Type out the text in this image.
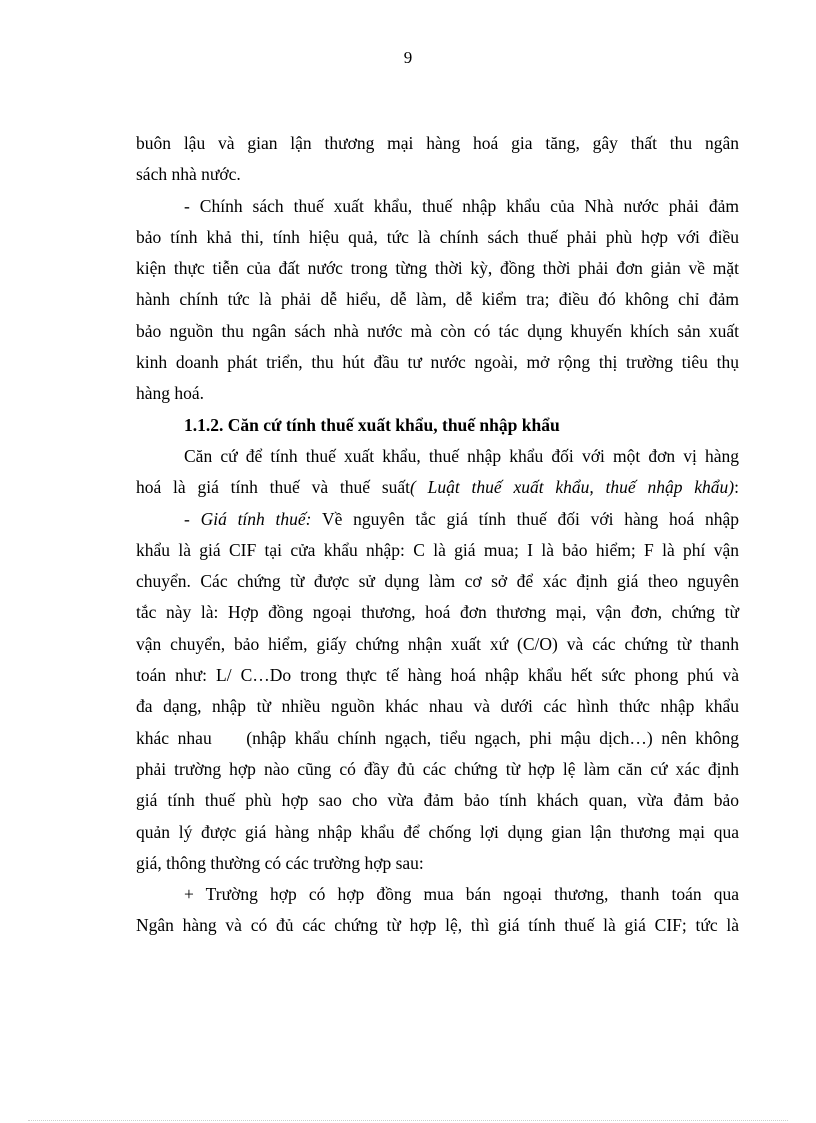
9
buôn lậu và gian lận thương mại hàng hoá gia tăng, gây thất thu ngân
sách nhà nước.
- Chính sách thuế xuất khẩu, thuế nhập khẩu của Nhà nước phải đảm
bảo tính khả thi, tính hiệu quả, tức là chính sách thuế phải phù hợp với điều
kiện thực tiễn của đất nước trong từng thời kỳ, đồng thời phải đơn giản về mặt
hành chính tức là phải dễ hiểu, dễ làm, dễ kiểm tra; điều đó không chỉ đảm
bảo nguồn thu ngân sách nhà nước mà còn có tác dụng khuyến khích sản xuất
kinh doanh phát triển, thu hút đầu tư nước ngoài, mở rộng thị trường tiêu thụ
hàng hoá.
1.1.2. Căn cứ tính thuế xuất khẩu, thuế nhập khẩu
Căn cứ để tính thuế xuất khẩu, thuế nhập khẩu đối với một đơn vị hàng
hoá là giá tính thuế và thuế suất( Luật thuế xuất khẩu, thuế nhập khẩu):
- Giá tính thuế: Về nguyên tắc giá tính thuế đối với hàng hoá nhập
khẩu là giá CIF tại cửa khẩu nhập: C là giá mua; I là bảo hiểm; F là phí vận
chuyển. Các chứng từ được sử dụng làm cơ sở để xác định giá theo nguyên
tắc này là: Hợp đồng ngoại thương, hoá đơn thương mại, vận đơn, chứng từ
vận chuyển, bảo hiểm, giấy chứng nhận xuất xứ (C/O) và các chứng từ thanh
toán như: L/ C…Do trong thực tế hàng hoá nhập khẩu hết sức phong phú và
đa dạng, nhập từ nhiều nguồn khác nhau và dưới các hình thức nhập khẩu
khác nhau    (nhập khẩu chính ngạch, tiểu ngạch, phi mậu dịch…) nên không
phải trường hợp nào cũng có đầy đủ các chứng từ hợp lệ làm căn cứ xác định
giá tính thuế phù hợp sao cho vừa đảm bảo tính khách quan, vừa đảm bảo
quản lý được giá hàng nhập khẩu để chống lợi dụng gian lận thương mại qua
giá, thông thường có các trường hợp sau:
+ Trường hợp có hợp đồng mua bán ngoại thương, thanh toán qua
Ngân hàng và có đủ các chứng từ hợp lệ, thì giá tính thuế là giá CIF; tức là
